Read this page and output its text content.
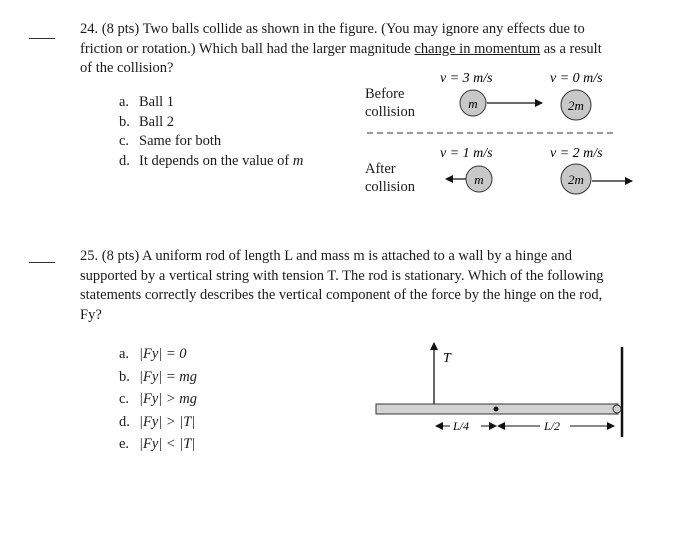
24. (8 pts) Two balls collide as shown in the figure. (You may ignore any effects due to friction or rotation.) Which ball had the larger magnitude change in momentum as a result of the collision?
a. Ball 1
b. Ball 2
c. Same for both
d. It depends on the value of m
Before
collision
After
collision
v = 3 m/s	v = 0 m/s
m	2m
v = 1 m/s	v = 2 m/s
m	2m
25. (8 pts) A uniform rod of length L and mass m is attached to a wall by a hinge and supported by a vertical string with tension T. The rod is stationary. Which of the following statements correctly describes the vertical component of the force by the hinge on the rod, Fy?
a. |Fy| = 0
b. |Fy| = mg
c. |Fy| > mg
d. |Fy| > |T|
e. |Fy| < |T|
T
L/4	L/2
